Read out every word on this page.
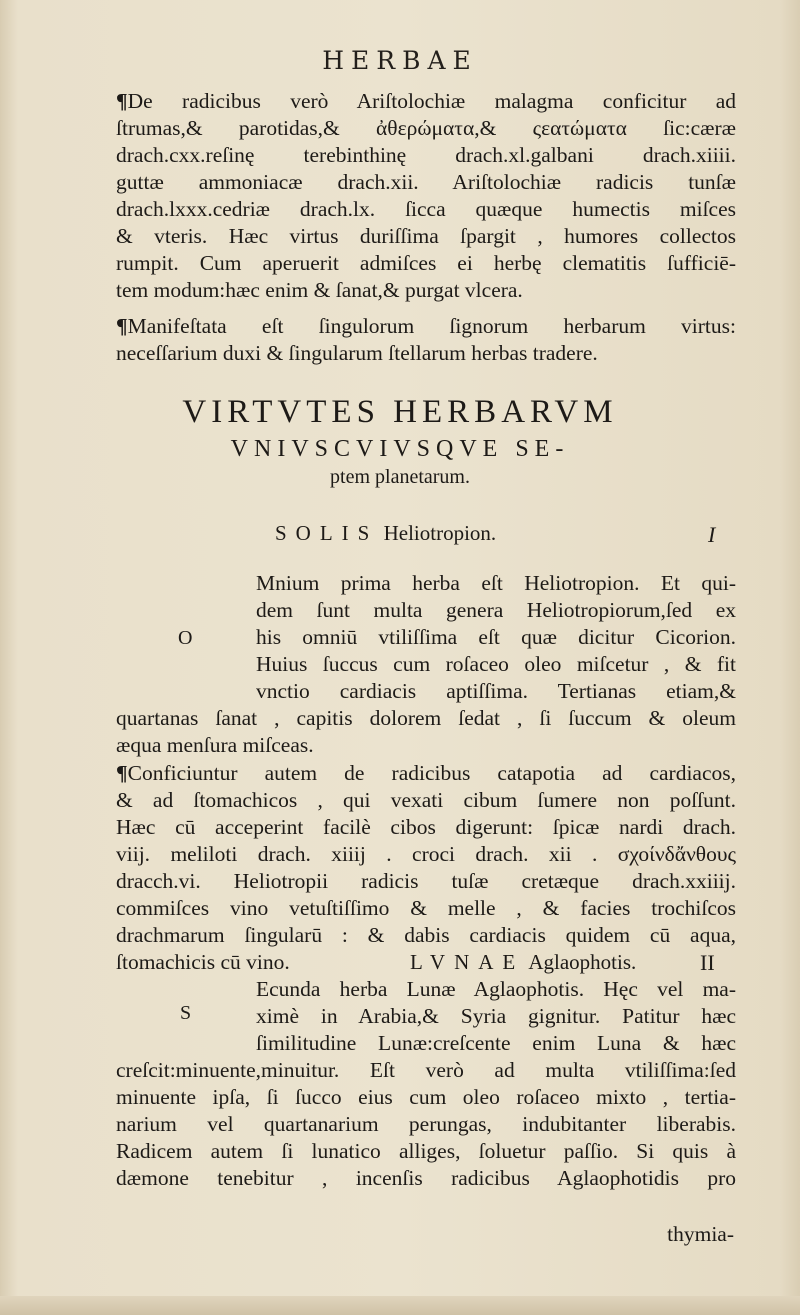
HERBAE
¶De radicibus verò Ariſtolochiæ malagma conficitur ad
ſtrumas,& parotidas,& ἀθερώματα,& ςεατώματα ſic:cæræ
drach.cxx.reſinę terebinthinę drach.xl.galbani drach.xiiii.
guttæ ammoniacæ drach.xii. Ariſtolochiæ radicis tunſæ
drach.lxxx.cedriæ drach.lx. ſicca quæque humectis miſces
& vteris. Hæc virtus duriſſima ſpargit , humores collectos
rumpit. Cum aperuerit admiſces ei herbę clematitis ſufficiē-
tem modum:hæc enim & ſanat,& purgat vlcera.
¶Manifeſtata eſt ſingulorum ſignorum herbarum virtus:
neceſſarium duxi & ſingularum ſtellarum herbas tradere.
VIRTVTES HERBARVM
VNIVSCVIVSQVE SE-
ptem planetarum.
SOLIS Heliotropion.	I
O
Mnium prima herba eſt Heliotropion. Et qui-
dem ſunt multa genera Heliotropiorum,ſed ex
his omniū vtiliſſima eſt quæ dicitur Cicorion.
Huius ſuccus cum roſaceo oleo miſcetur , & fit
vnctio cardiacis aptiſſima. Tertianas etiam,&
quartanas ſanat , capitis dolorem ſedat , ſi ſuccum & oleum
æqua menſura miſceas.
¶Conficiuntur autem de radicibus catapotia ad cardiacos,
& ad ſtomachicos , qui vexati cibum ſumere non poſſunt.
Hæc cū acceperint facilè cibos digerunt: ſpicæ nardi drach.
viij. meliloti drach. xiiij . croci drach. xii . σχοίνδἄνθους
dracch.vi. Heliotropii radicis tuſæ cretæque drach.xxiiij.
commiſces vino vetuſtiſſimo & melle , & facies trochiſcos
drachmarum ſingularū : & dabis cardiacis quidem cū aqua,
ſtomachicis cū vino.	LVNAE Aglaophotis.	II
S
Ecunda herba Lunæ Aglaophotis. Hęc vel ma-
ximè in Arabia,& Syria gignitur. Patitur hæc
ſimilitudine Lunæ:creſcente enim Luna & hæc
creſcit:minuente,minuitur. Eſt verò ad multa vtiliſſima:ſed
minuente ipſa, ſi ſucco eius cum oleo roſaceo mixto , tertia-
narium vel quartanarium perungas, indubitanter liberabis.
Radicem autem ſi lunatico alliges, ſoluetur paſſio. Si quis à
dæmone tenebitur , incenſis radicibus Aglaophotidis pro
thymia-
